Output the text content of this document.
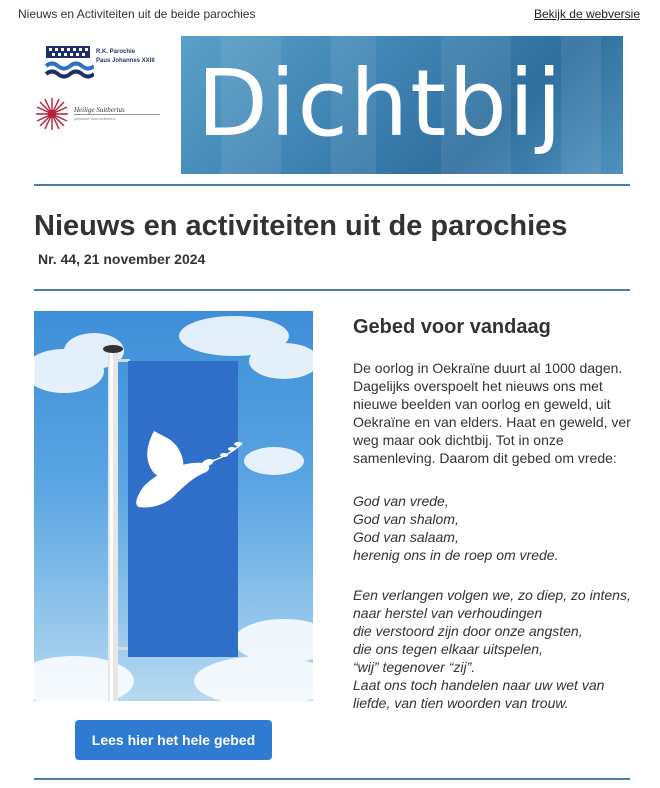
Nieuws en Activiteiten uit de beide parochies	Bekijk de webversie
R.K. Parochie
Paus Johannes XXIII
Heilige Suitbertus
parochie voor iedereen Dichtbij
Nieuws en activiteiten uit de parochies
Nr. 44, 21 november 2024
Gebed voor vandaag

De oorlog in Oekraïne duurt al 1000 dagen.
Dagelijks overspoelt het nieuws ons met
nieuwe beelden van oorlog en geweld, uit
Oekraïne en van elders. Haat en geweld, ver
weg maar ook dichtbij. Tot in onze
samenleving. Daarom dit gebed om vrede:

God van vrede,
God van shalom,
God van salaam,
herenig ons in de roep om vrede.

Een verlangen volgen we, zo diep, zo intens,
naar herstel van verhoudingen
die verstoord zijn door onze angsten,
die ons tegen elkaar uitspelen,
“wij” tegenover “zij”.
Laat ons toch handelen naar uw wet van
liefde, van tien woorden van trouw.

Lees hier het hele gebed
